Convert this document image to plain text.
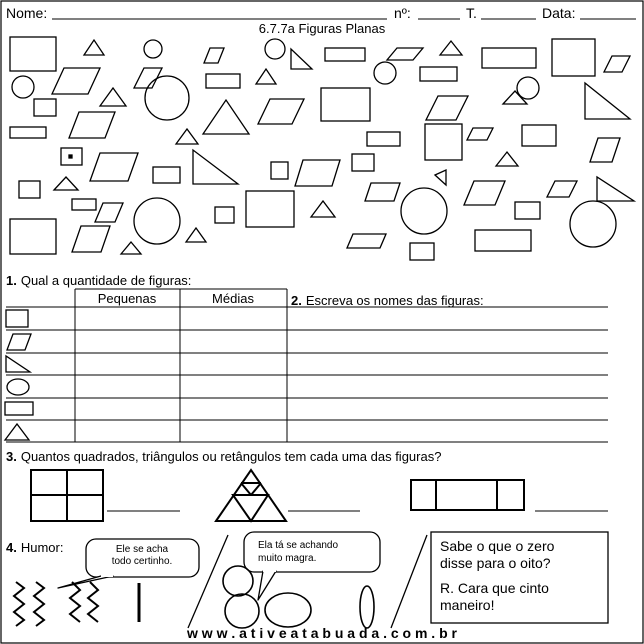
Nome:	nº:	T.	Data:
6.7.7a Figuras Planas
1. Qual a quantidade de figuras:
Pequenas	Médias	2. Escreva os nomes das figuras:
3. Quantos quadrados, triângulos ou retângulos tem cada uma das figuras?
4. Humor:	Ele se acha
todo certinho.
Ela tá se achando
muito magra.
Sabe o que o zero
disse para o oito?
R. Cara que cinto
maneiro!
w w w . a t i v e a t a b u a d a . c o m . b r
